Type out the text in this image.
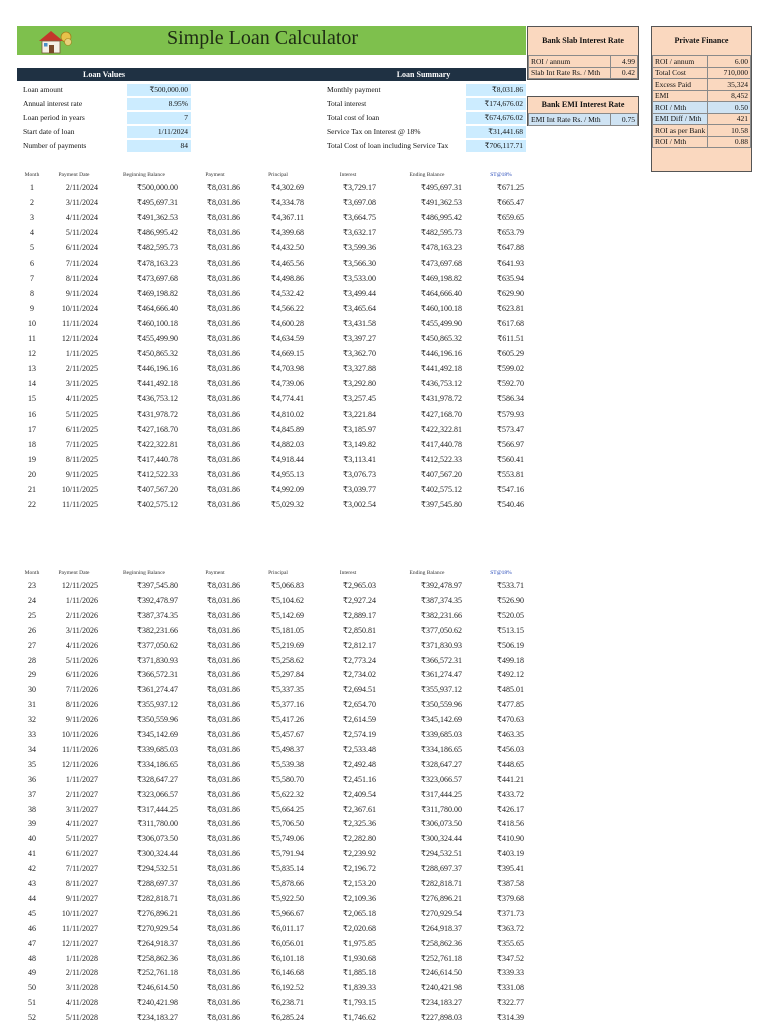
Simple Loan Calculator	Bank Slab Interest Rate
ROI / annum	4.99
Slab Int Rate Rs. / Mth	0.42
Bank EMI Interest Rate
EMI Int Rate Rs. / Mth	0.75
Private Finance
ROI / annum	6.00
Total Cost	710,000
Excess Paid	35,324
EMI	8,452
ROI / Mth	0.50
EMI Diff / Mth	421
ROI as per Bank	10.58
ROI / Mth	0.88
Loan Values	Loan Summary
Loan amount	₹500,000.00
Annual interest rate	8.95%
Loan period in years	7
Start date of loan	1/11/2024
Number of payments	84
Monthly payment	₹8,031.86
Total interest	₹174,676.02
Total cost of loan	₹674,676.02
Service Tax on Interest @ 18%	₹31,441.68
Total Cost of loan including Service Tax	₹706,117.71
Month	Payment Date	Beginning Balance	Payment	Principal	Interest	Ending Balance	ST@18%
1	2/11/2024	₹500,000.00	₹8,031.86	₹4,302.69	₹3,729.17	₹495,697.31	₹671.25
2	3/11/2024	₹495,697.31	₹8,031.86	₹4,334.78	₹3,697.08	₹491,362.53	₹665.47
3	4/11/2024	₹491,362.53	₹8,031.86	₹4,367.11	₹3,664.75	₹486,995.42	₹659.65
4	5/11/2024	₹486,995.42	₹8,031.86	₹4,399.68	₹3,632.17	₹482,595.73	₹653.79
5	6/11/2024	₹482,595.73	₹8,031.86	₹4,432.50	₹3,599.36	₹478,163.23	₹647.88
6	7/11/2024	₹478,163.23	₹8,031.86	₹4,465.56	₹3,566.30	₹473,697.68	₹641.93
7	8/11/2024	₹473,697.68	₹8,031.86	₹4,498.86	₹3,533.00	₹469,198.82	₹635.94
8	9/11/2024	₹469,198.82	₹8,031.86	₹4,532.42	₹3,499.44	₹464,666.40	₹629.90
9	10/11/2024	₹464,666.40	₹8,031.86	₹4,566.22	₹3,465.64	₹460,100.18	₹623.81
10	11/11/2024	₹460,100.18	₹8,031.86	₹4,600.28	₹3,431.58	₹455,499.90	₹617.68
11	12/11/2024	₹455,499.90	₹8,031.86	₹4,634.59	₹3,397.27	₹450,865.32	₹611.51
12	1/11/2025	₹450,865.32	₹8,031.86	₹4,669.15	₹3,362.70	₹446,196.16	₹605.29
13	2/11/2025	₹446,196.16	₹8,031.86	₹4,703.98	₹3,327.88	₹441,492.18	₹599.02
14	3/11/2025	₹441,492.18	₹8,031.86	₹4,739.06	₹3,292.80	₹436,753.12	₹592.70
15	4/11/2025	₹436,753.12	₹8,031.86	₹4,774.41	₹3,257.45	₹431,978.72	₹586.34
16	5/11/2025	₹431,978.72	₹8,031.86	₹4,810.02	₹3,221.84	₹427,168.70	₹579.93
17	6/11/2025	₹427,168.70	₹8,031.86	₹4,845.89	₹3,185.97	₹422,322.81	₹573.47
18	7/11/2025	₹422,322.81	₹8,031.86	₹4,882.03	₹3,149.82	₹417,440.78	₹566.97
19	8/11/2025	₹417,440.78	₹8,031.86	₹4,918.44	₹3,113.41	₹412,522.33	₹560.41
20	9/11/2025	₹412,522.33	₹8,031.86	₹4,955.13	₹3,076.73	₹407,567.20	₹553.81
21	10/11/2025	₹407,567.20	₹8,031.86	₹4,992.09	₹3,039.77	₹402,575.12	₹547.16
22	11/11/2025	₹402,575.12	₹8,031.86	₹5,029.32	₹3,002.54	₹397,545.80	₹540.46
Month	Payment Date	Beginning Balance	Payment	Principal	Interest	Ending Balance	ST@18%
23	12/11/2025	₹397,545.80	₹8,031.86	₹5,066.83	₹2,965.03	₹392,478.97	₹533.71
24	1/11/2026	₹392,478.97	₹8,031.86	₹5,104.62	₹2,927.24	₹387,374.35	₹526.90
25	2/11/2026	₹387,374.35	₹8,031.86	₹5,142.69	₹2,889.17	₹382,231.66	₹520.05
26	3/11/2026	₹382,231.66	₹8,031.86	₹5,181.05	₹2,850.81	₹377,050.62	₹513.15
27	4/11/2026	₹377,050.62	₹8,031.86	₹5,219.69	₹2,812.17	₹371,830.93	₹506.19
28	5/11/2026	₹371,830.93	₹8,031.86	₹5,258.62	₹2,773.24	₹366,572.31	₹499.18
29	6/11/2026	₹366,572.31	₹8,031.86	₹5,297.84	₹2,734.02	₹361,274.47	₹492.12
30	7/11/2026	₹361,274.47	₹8,031.86	₹5,337.35	₹2,694.51	₹355,937.12	₹485.01
31	8/11/2026	₹355,937.12	₹8,031.86	₹5,377.16	₹2,654.70	₹350,559.96	₹477.85
32	9/11/2026	₹350,559.96	₹8,031.86	₹5,417.26	₹2,614.59	₹345,142.69	₹470.63
33	10/11/2026	₹345,142.69	₹8,031.86	₹5,457.67	₹2,574.19	₹339,685.03	₹463.35
34	11/11/2026	₹339,685.03	₹8,031.86	₹5,498.37	₹2,533.48	₹334,186.65	₹456.03
35	12/11/2026	₹334,186.65	₹8,031.86	₹5,539.38	₹2,492.48	₹328,647.27	₹448.65
36	1/11/2027	₹328,647.27	₹8,031.86	₹5,580.70	₹2,451.16	₹323,066.57	₹441.21
37	2/11/2027	₹323,066.57	₹8,031.86	₹5,622.32	₹2,409.54	₹317,444.25	₹433.72
38	3/11/2027	₹317,444.25	₹8,031.86	₹5,664.25	₹2,367.61	₹311,780.00	₹426.17
39	4/11/2027	₹311,780.00	₹8,031.86	₹5,706.50	₹2,325.36	₹306,073.50	₹418.56
40	5/11/2027	₹306,073.50	₹8,031.86	₹5,749.06	₹2,282.80	₹300,324.44	₹410.90
41	6/11/2027	₹300,324.44	₹8,031.86	₹5,791.94	₹2,239.92	₹294,532.51	₹403.19
42	7/11/2027	₹294,532.51	₹8,031.86	₹5,835.14	₹2,196.72	₹288,697.37	₹395.41
43	8/11/2027	₹288,697.37	₹8,031.86	₹5,878.66	₹2,153.20	₹282,818.71	₹387.58
44	9/11/2027	₹282,818.71	₹8,031.86	₹5,922.50	₹2,109.36	₹276,896.21	₹379.68
45	10/11/2027	₹276,896.21	₹8,031.86	₹5,966.67	₹2,065.18	₹270,929.54	₹371.73
46	11/11/2027	₹270,929.54	₹8,031.86	₹6,011.17	₹2,020.68	₹264,918.37	₹363.72
47	12/11/2027	₹264,918.37	₹8,031.86	₹6,056.01	₹1,975.85	₹258,862.36	₹355.65
48	1/11/2028	₹258,862.36	₹8,031.86	₹6,101.18	₹1,930.68	₹252,761.18	₹347.52
49	2/11/2028	₹252,761.18	₹8,031.86	₹6,146.68	₹1,885.18	₹246,614.50	₹339.33
50	3/11/2028	₹246,614.50	₹8,031.86	₹6,192.52	₹1,839.33	₹240,421.98	₹331.08
51	4/11/2028	₹240,421.98	₹8,031.86	₹6,238.71	₹1,793.15	₹234,183.27	₹322.77
52	5/11/2028	₹234,183.27	₹8,031.86	₹6,285.24	₹1,746.62	₹227,898.03	₹314.39
